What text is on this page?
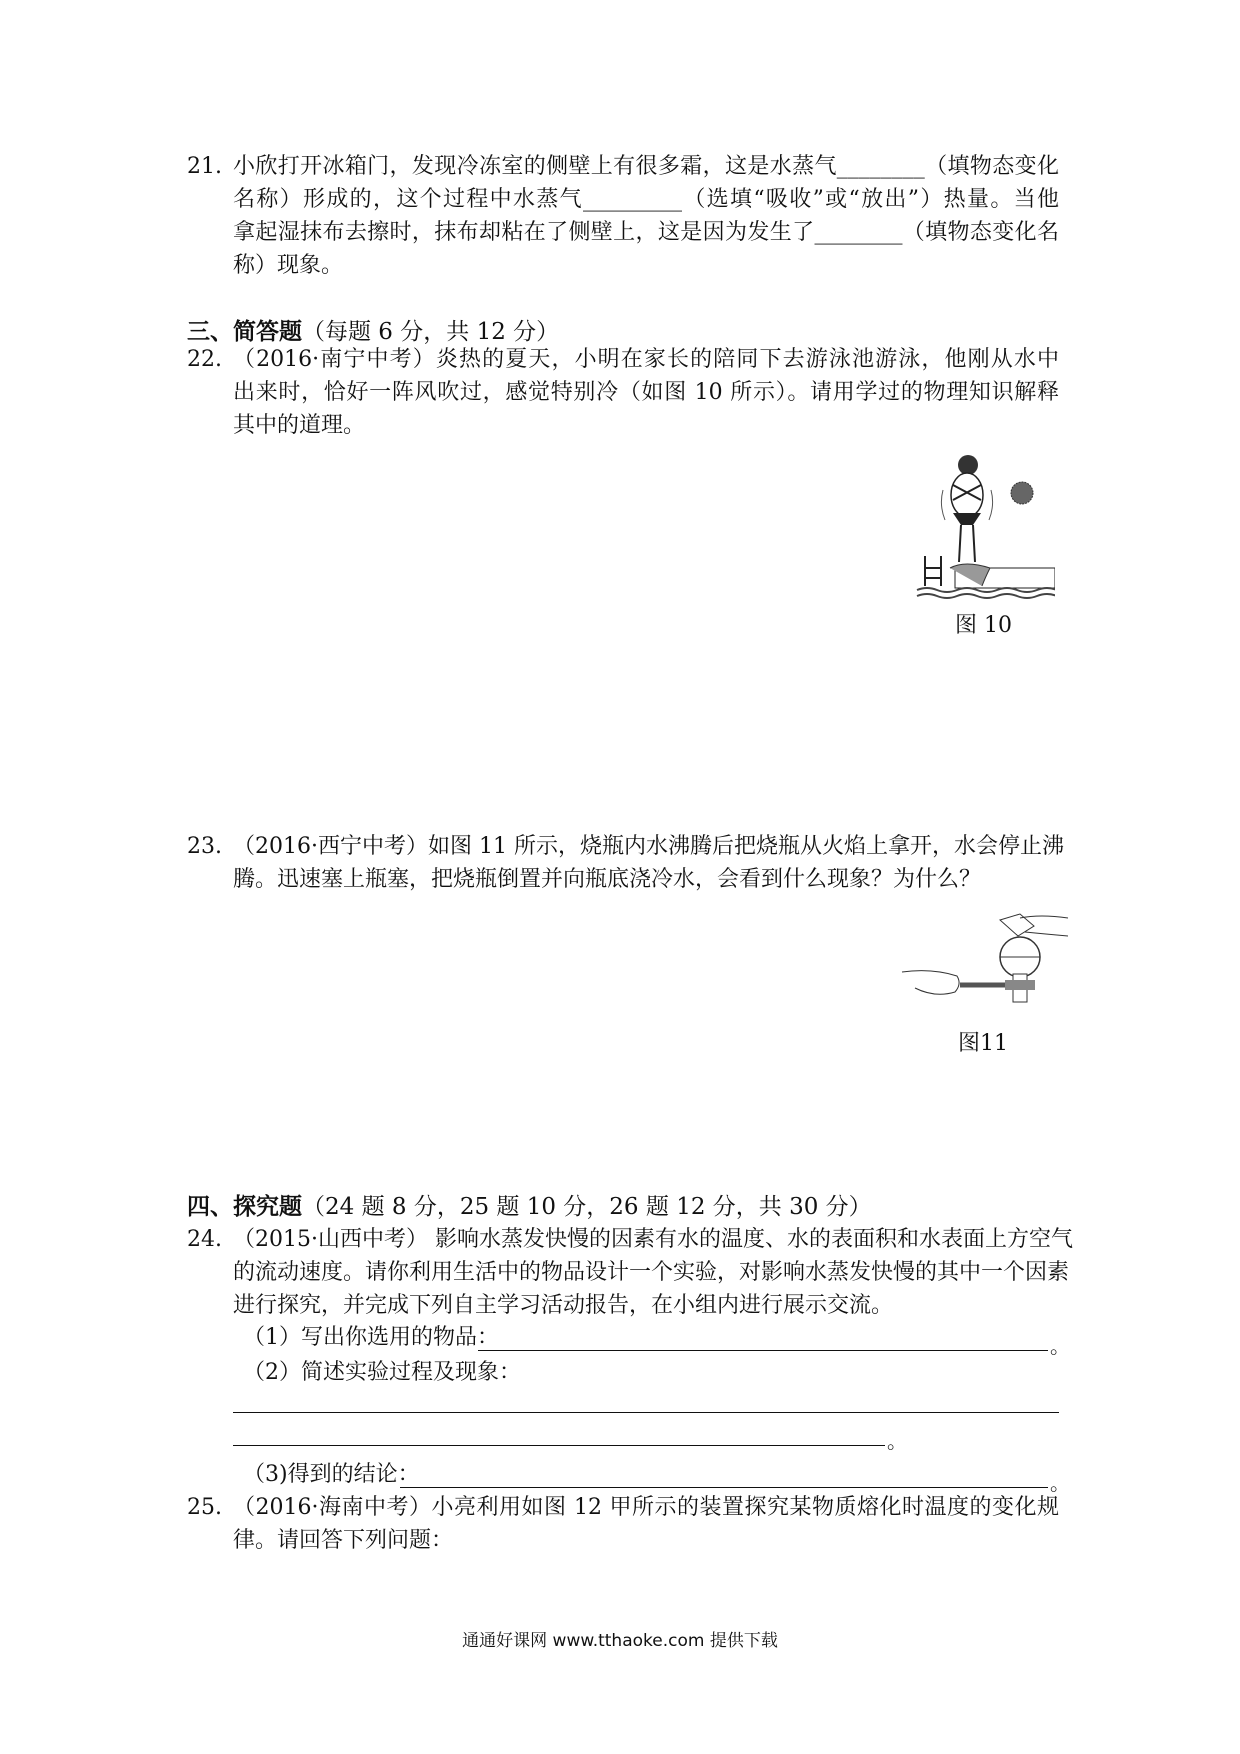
21. 小欣打开冰箱门，发现冷冻室的侧壁上有很多霜，这是水蒸气________（填物态变化
名称）形成的，这个过程中水蒸气_________（选填“吸收”或“放出”）热量。当他
拿起湿抹布去擦时，抹布却粘在了侧壁上，这是因为发生了________（填物态变化名
称）现象。
三、简答题（每题 6 分，共 12 分）
22. （2016·南宁中考）炎热的夏天，小明在家长的陪同下去游泳池游泳，他刚从水中
出来时，恰好一阵风吹过，感觉特别冷（如图 10 所示）。请用学过的物理知识解释
其中的道理。
图 10
23. （2016·西宁中考）如图 11 所示，烧瓶内水沸腾后把烧瓶从火焰上拿开，水会停止沸
腾。迅速塞上瓶塞，把烧瓶倒置并向瓶底浇冷水，会看到什么现象？为什么？
图11
四、探究题（24 题 8 分，25 题 10 分，26 题 12 分，共 30 分）
24. （2015·山西中考） 影响水蒸发快慢的因素有水的温度、水的表面积和水表面上方空气
的流动速度。请你利用生活中的物品设计一个实验，对影响水蒸发快慢的其中一个因素
进行探究，并完成下列自主学习活动报告，在小组内进行展示交流。
（1）写出你选用的物品：	。
（2）简述实验过程及现象：
。
（3)得到的结论：	。
25. （2016·海南中考）小亮利用如图 12 甲所示的装置探究某物质熔化时温度的变化规
律。请回答下列问题：
通通好课网 www.tthaoke.com 提供下载
